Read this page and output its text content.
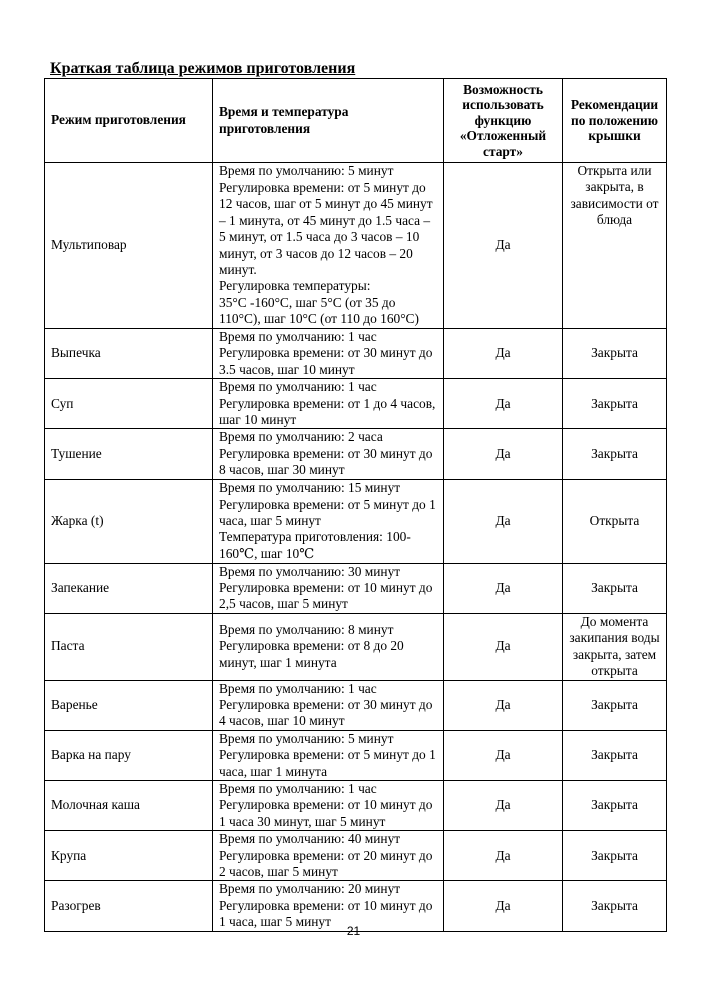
Краткая таблица режимов приготовления
Режим приготовления	Время и температура приготовления	Возможность использовать функцию «Отложенный старт»	Рекомендации по положению крышки
Мультиповар	Время по умолчанию: 5 минут
Регулировка времени: от 5 минут до 12 часов, шаг от 5 минут до 45 минут – 1 минута, от 45 минут до 1.5 часа – 5 минут, от 1.5 часа до 3 часов – 10 минут, от 3 часов до 12 часов – 20 минут.
Регулировка температуры:
35°С -160°С, шаг 5°С (от 35 до 110°С), шаг 10°С (от 110 до 160°С)	Да	Открыта или закрыта, в зависимости от блюда
Выпечка	Время по умолчанию: 1 час
Регулировка времени: от 30 минут до 3.5 часов, шаг 10 минут	Да	Закрыта
Суп	Время по умолчанию: 1 час
Регулировка времени: от 1 до 4 часов, шаг 10 минут	Да	Закрыта
Тушение	Время по умолчанию: 2 часа
Регулировка времени: от 30 минут до 8 часов, шаг 30 минут	Да	Закрыта
Жарка (t)	Время по умолчанию: 15 минут
Регулировка времени: от 5 минут до 1 часа, шаг 5 минут
Температура приготовления: 100-160℃, шаг 10℃	Да	Открыта
Запекание	Время по умолчанию: 30 минут
Регулировка времени: от 10 минут до 2,5 часов, шаг 5 минут	Да	Закрыта
Паста	Время по умолчанию: 8 минут
Регулировка времени: от 8 до 20 минут, шаг 1 минута	Да	До момента закипания воды закрыта, затем открыта
Варенье	Время по умолчанию: 1 час
Регулировка времени: от 30 минут до 4 часов, шаг 10 минут	Да	Закрыта
Варка на пару	Время по умолчанию: 5 минут
Регулировка времени: от 5 минут до 1 часа, шаг 1 минута	Да	Закрыта
Молочная каша	Время по умолчанию: 1 час
Регулировка времени: от 10 минут до 1 часа 30 минут, шаг 5 минут	Да	Закрыта
Крупа	Время по умолчанию: 40 минут
Регулировка времени: от 20 минут до 2 часов, шаг 5 минут	Да	Закрыта
Разогрев	Время по умолчанию: 20 минут
Регулировка времени: от 10 минут до 1 часа, шаг 5 минут	Да	Закрыта
21
